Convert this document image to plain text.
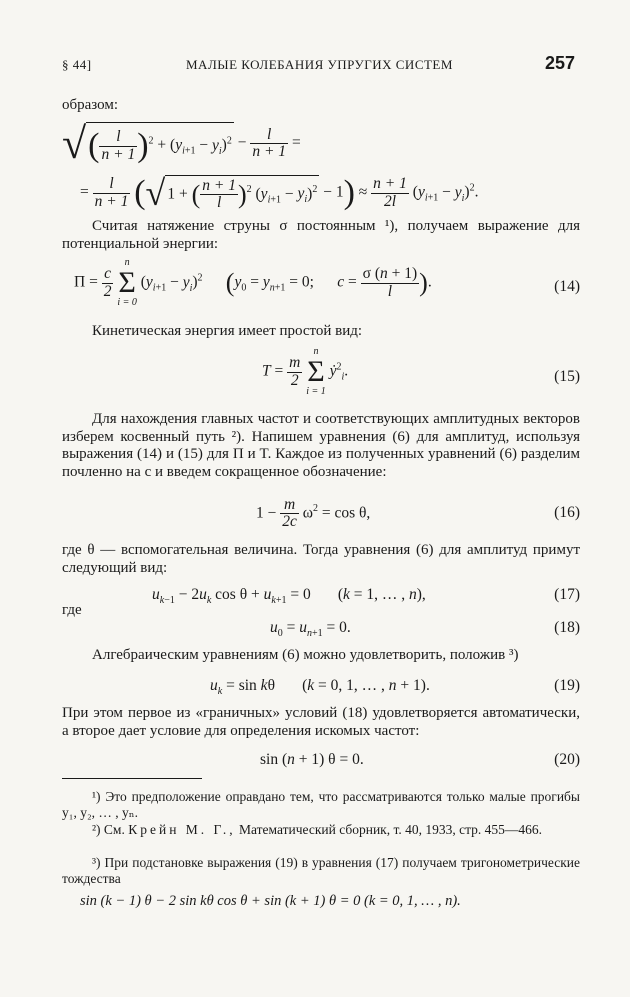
§ 44]	МАЛЫЕ КОЛЕБАНИЯ УПРУГИХ СИСТЕМ	257
образом:
√( $\frac{l}{n + 1} )^2 + (y_{i+1} - y_i)^2 - \frac{l}{n + 1}$ =
= $\frac{l}{n + 1}$ (√ 1 + ( $\frac{n + 1}{l} )^2$ $(y_{i+1} - y_i)^2 - 1) \approx \frac{n + 1}{2l} (y_{i+1} - y_i)^2$.
Считая натяжение струны σ постоянным ¹), получаем выражение для потенциальной энергии:
$П = \frac{c}{2}$

n
Σ
i = 0
$(y_{i+1} - y_i)^2$ ($y_0 = y_{n+1} = 0$;      $c = \frac{\sigma (n + 1)}{l}$ ).	(14)
Кинетическая энергия имеет простой вид:
$T = \frac{m}{2}$

n
Σ
i = 1
ẏ$^2_i$.	(15)
Для нахождения главных частот и соответствующих амплитудных векторов изберем косвенный путь ²). Напишем уравнения (6) для амплитуд, используя выражения (14) и (15) для П и T. Каждое из полученных уравнений (6) разделим почленно на c и введем сокращенное обозначение:
$1 - \frac{m}{2c} \omega^2 = \cos \theta$,	(16)
где θ — вспомогательная величина. Тогда уравнения (6) для амплитуд примут следующий вид:
$u_{k-1} - 2u_k$ $\cos \theta + u_{k+1} = 0$       (k = 1, … , n),	(17)
где
$u_0 = u_{n+1} = 0$.	(18)
Алгебраическим уравнениям (6) можно удовлетворить, положив ³)
$u_k = \sin k\theta$       (k = 0, 1, … , n + 1).	(19)
При этом первое из «граничных» условий (18) удовлетворяется автоматически, а второе дает условие для определения искомых частот:
sin (n + 1) θ = 0.	(20)
¹) Это предположение оправдано тем, что рассматриваются только малые прогибы y₁, y₂, … , yₙ.
²) См. Крейн М. Г., Математический сборник, т. 40, 1933, стр. 455—466.
³) При подстановке выражения (19) в уравнения (17) получаем тригонометрические тождества
sin (k − 1) θ − 2 sin kθ cos θ + sin (k + 1) θ = 0 (k = 0, 1, … , n).
